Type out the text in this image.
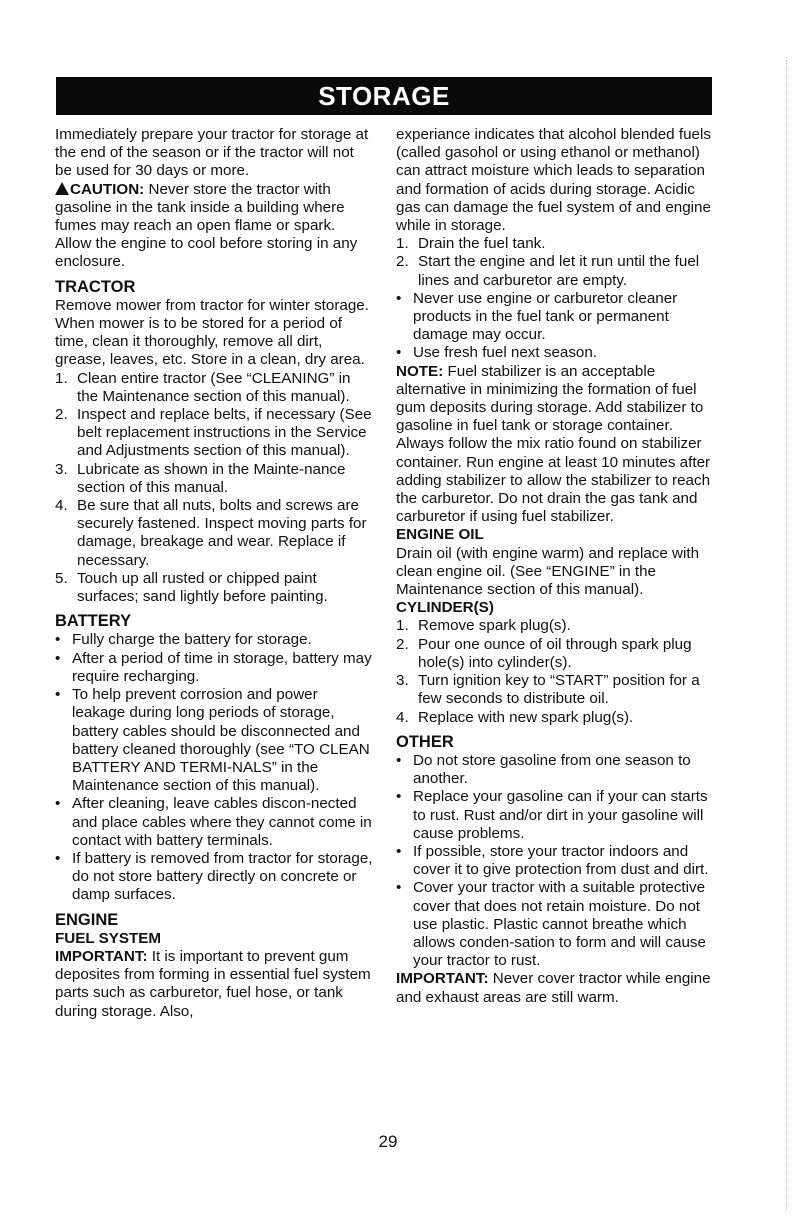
STORAGE

Immediately prepare your tractor for storage at the end of the season or if the tractor will not be used for 30 days or more.

CAUTION: Never store the tractor with gasoline in the tank inside a building where fumes may reach an open flame or spark. Allow the engine to cool before storing in any enclosure.

TRACTOR

Remove mower from tractor for winter storage. When mower is to be stored for a period of time, clean it thoroughly, remove all dirt, grease, leaves, etc. Store in a clean, dry area.

1. Clean entire tractor (See “CLEANING” in the Maintenance section of this manual).
2. Inspect and replace belts, if necessary (See belt replacement instructions in the Service and Adjustments section of this manual).
3. Lubricate as shown in the Mainte-nance section of this manual.
4. Be sure that all nuts, bolts and screws are securely fastened. Inspect moving parts for damage, breakage and wear. Replace if necessary.
5. Touch up all rusted or chipped paint surfaces; sand lightly before painting.

BATTERY

• Fully charge the battery for storage.
• After a period of time in storage, battery may require recharging.
• To help prevent corrosion and power leakage during long periods of storage, battery cables should be disconnected and battery cleaned thoroughly (see “TO CLEAN BATTERY AND TERMI-NALS” in the Maintenance section of this manual).
• After cleaning, leave cables discon-nected and place cables where they cannot come in contact with battery terminals.
• If battery is removed from tractor for storage, do not store battery directly on concrete or damp surfaces.

ENGINE

FUEL SYSTEM

IMPORTANT: It is important to prevent gum deposites from forming in essential fuel system parts such as carburetor, fuel hose, or tank during storage. Also,

experiance indicates that alcohol blended fuels (called gasohol or using ethanol or methanol) can attract moisture which leads to separation and formation of acids during storage. Acidic gas can damage the fuel system of and engine while in storage.

1. Drain the fuel tank.
2. Start the engine and let it run until the fuel lines and carburetor are empty.
• Never use engine or carburetor cleaner products in the fuel tank or permanent damage may occur.
• Use fresh fuel next season.

NOTE: Fuel stabilizer is an acceptable alternative in minimizing the formation of fuel gum deposits during storage. Add stabilizer to gasoline in fuel tank or storage container. Always follow the mix ratio found on stabilizer container. Run engine at least 10 minutes after adding stabilizer to allow the stabilizer to reach the carburetor. Do not drain the gas tank and carburetor if using fuel stabilizer.

ENGINE OIL

Drain oil (with engine warm) and replace with clean engine oil. (See “ENGINE” in the Maintenance section of this manual).

CYLINDER(S)

1. Remove spark plug(s).
2. Pour one ounce of oil through spark plug hole(s) into cylinder(s).
3. Turn ignition key to “START” position for a few seconds to distribute oil.
4. Replace with new spark plug(s).

OTHER

• Do not store gasoline from one season to another.
• Replace your gasoline can if your can starts to rust. Rust and/or dirt in your gasoline will cause problems.
• If possible, store your tractor indoors and cover it to give protection from dust and dirt.
• Cover your tractor with a suitable protective cover that does not retain moisture. Do not use plastic. Plastic cannot breathe which allows conden-sation to form and will cause your tractor to rust.

IMPORTANT: Never cover tractor while engine and exhaust areas are still warm.

29
